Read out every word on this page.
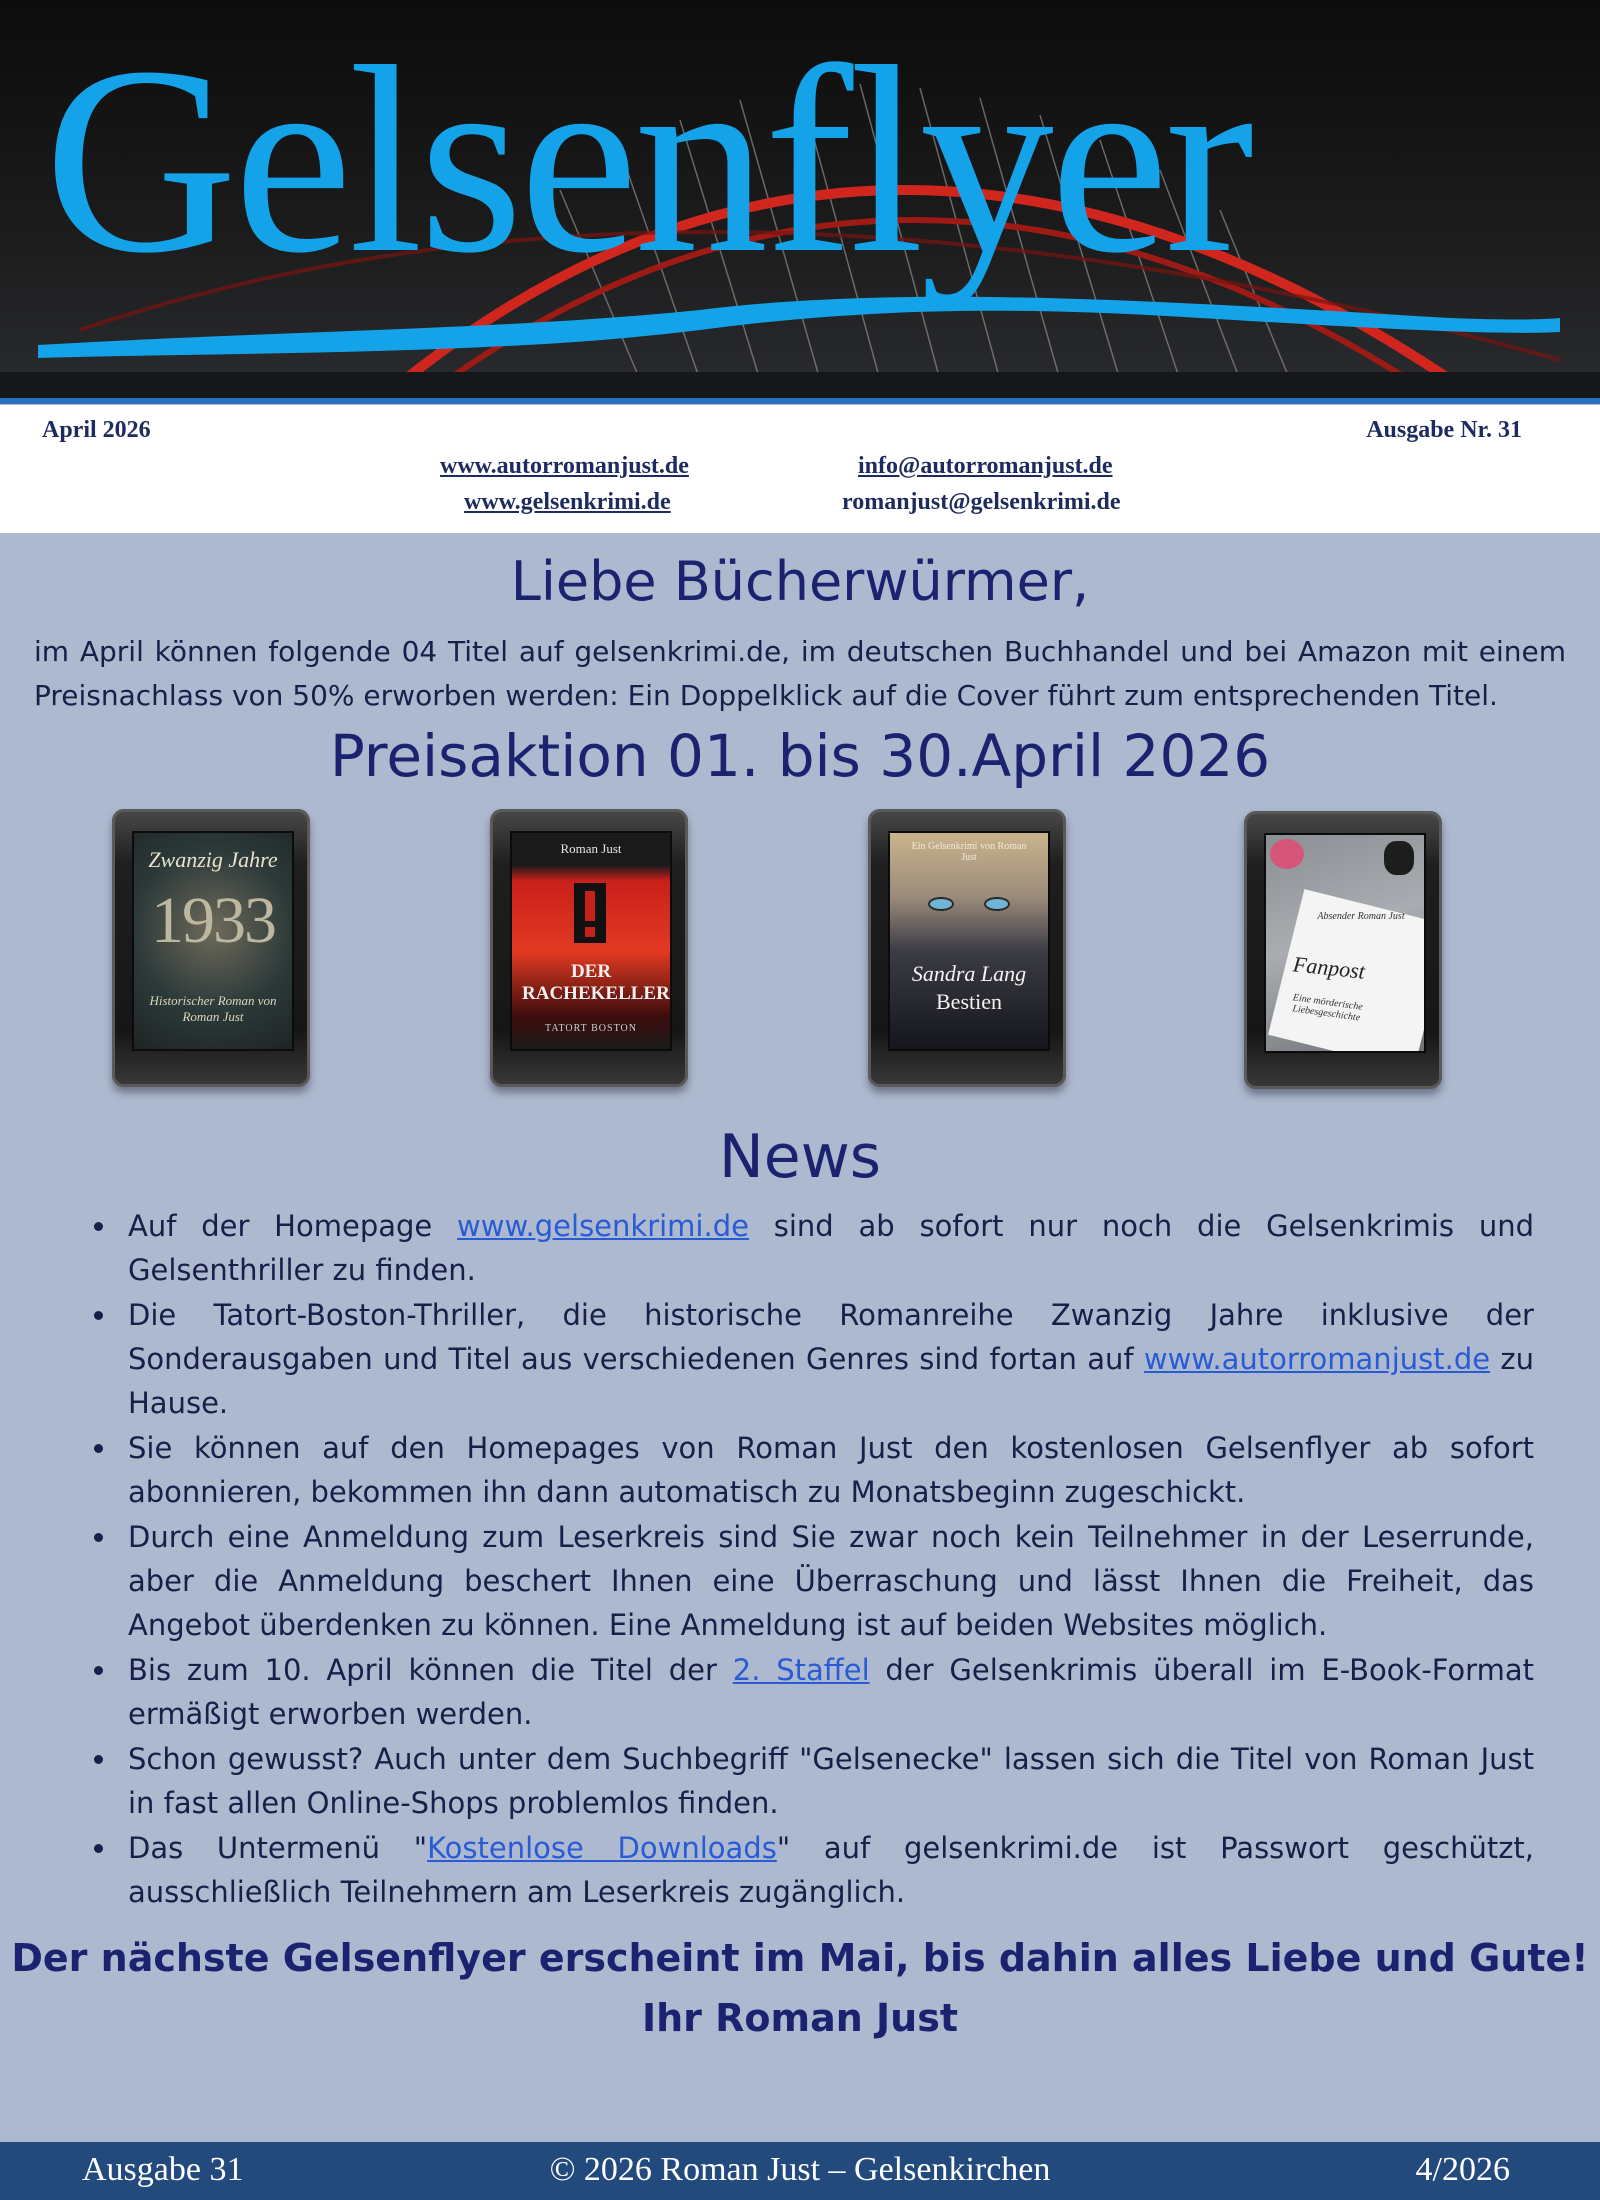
Gelsenflyer
April 2026	Ausgabe Nr. 31
www.autorromanjust.de
www.gelsenkrimi.de
info@autorromanjust.de
romanjust@gelsenkrimi.de
Liebe Bücherwürmer,
im April können folgende 04 Titel auf gelsenkrimi.de, im deutschen Buchhandel und bei Amazon mit einem Preisnachlass von 50% erworben werden: Ein Doppelklick auf die Cover führt zum entsprechenden Titel.
Preisaktion 01. bis 30.April 2026
Zwanzig Jahre
1933
Historischer Roman von Roman Just
Roman Just
DER RACHEKELLER
TATORT BOSTON
Ein Gelsenkrimi von Roman Just
Sandra Lang
Bestien
Absender Roman Just
Fanpost
Eine mörderische Liebesgeschichte
News
Auf der Homepage www.gelsenkrimi.de sind ab sofort nur noch die Gelsenkrimis und Gelsenthriller zu finden.
Die Tatort-Boston-Thriller, die historische Romanreihe Zwanzig Jahre inklusive der Sonderausgaben und Titel aus verschiedenen Genres sind fortan auf www.autorromanjust.de zu Hause.
Sie können auf den Homepages von Roman Just den kostenlosen Gelsenflyer ab sofort abonnieren, bekommen ihn dann automatisch zu Monatsbeginn zugeschickt.
Durch eine Anmeldung zum Leserkreis sind Sie zwar noch kein Teilnehmer in der Leserrunde, aber die Anmeldung beschert Ihnen eine Überraschung und lässt Ihnen die Freiheit, das Angebot überdenken zu können. Eine Anmeldung ist auf beiden Websites möglich.
Bis zum 10. April können die Titel der 2. Staffel der Gelsenkrimis überall im E-Book-Format ermäßigt erworben werden.
Schon gewusst? Auch unter dem Suchbegriff "Gelsenecke" lassen sich die Titel von Roman Just in fast allen Online-Shops problemlos finden.
Das Untermenü "Kostenlose Downloads" auf gelsenkrimi.de ist Passwort geschützt, ausschließlich Teilnehmern am Leserkreis zugänglich.
Der nächste Gelsenflyer erscheint im Mai, bis dahin alles Liebe und Gute!
Ihr Roman Just
© 2026 Roman Just – Gelsenkirchen
Ausgabe 31	4/2026
